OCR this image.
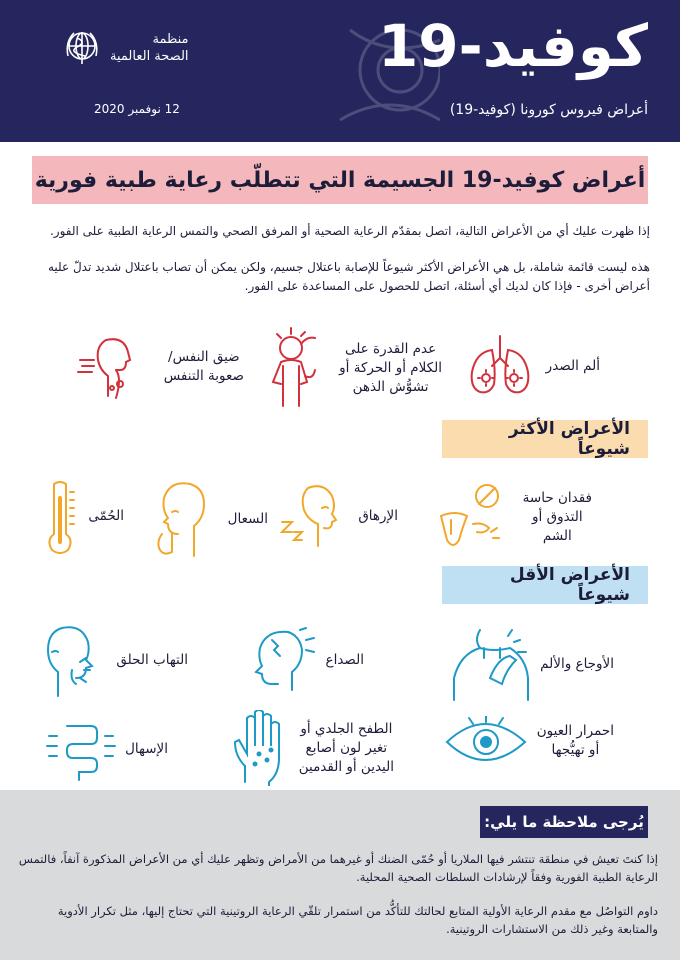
كوفيد-19
أعراض فيروس كورونا (كوفيد-19)
12 نوفمبر 2020
منظمة
الصحة العالمية
أعراض كوفيد-19 الجسيمة التي تتطلّب رعاية طبية فورية
إذا ظهرت عليك أي من الأعراض التالية، اتصل بمقدّم الرعاية الصحية أو المرفق الصحي والتمس الرعاية الطبية على الفور.
هذه ليست قائمة شاملة، بل هي الأعراض الأكثر شيوعاً للإصابة باعتلال جسيم، ولكن يمكن أن تصاب باعتلال شديد تدلّ عليه أعراض أخرى - فإذا كان لديك أي أسئلة، اتصل للحصول على المساعدة على الفور.
ألم الصدر
عدم القدرة على
الكلام أو الحركة أو
تشوُّش الذهن
ضيق النفس/
صعوبة التنفس
الأعراض الأكثر شيوعاً
فقدان حاسة
التذوق أو
الشم
الإرهاق
السعال
الحُمّى
الأعراض الأقل شيوعاً
الأوجاع والألم
الصداع
التهاب الحلق
احمرار العيون
أو تهيُّجها
الطفح الجلدي أو
تغير لون أصابع
اليدين أو القدمين
الإسهال
يُرجى ملاحظة ما يلي:
إذا كنتَ تعيش في منطقة تنتشر فيها الملاريا أو حُمّى الضنك أو غيرهما من الأمراض وتظهر عليك أي من الأعراض المذكورة آنفاً، فالتمس الرعاية الطبية الفورية وفقاً لإرشادات السلطات الصحية المحلية.
داوم التواصُل مع مقدم الرعاية الأولية المتابع لحالتك للتأكُّد من استمرار تلقّي الرعاية الروتينية التي تحتاج إليها، مثل تكرار الأدوية والمتابعة وغير ذلك من الاستشارات الروتينية.
